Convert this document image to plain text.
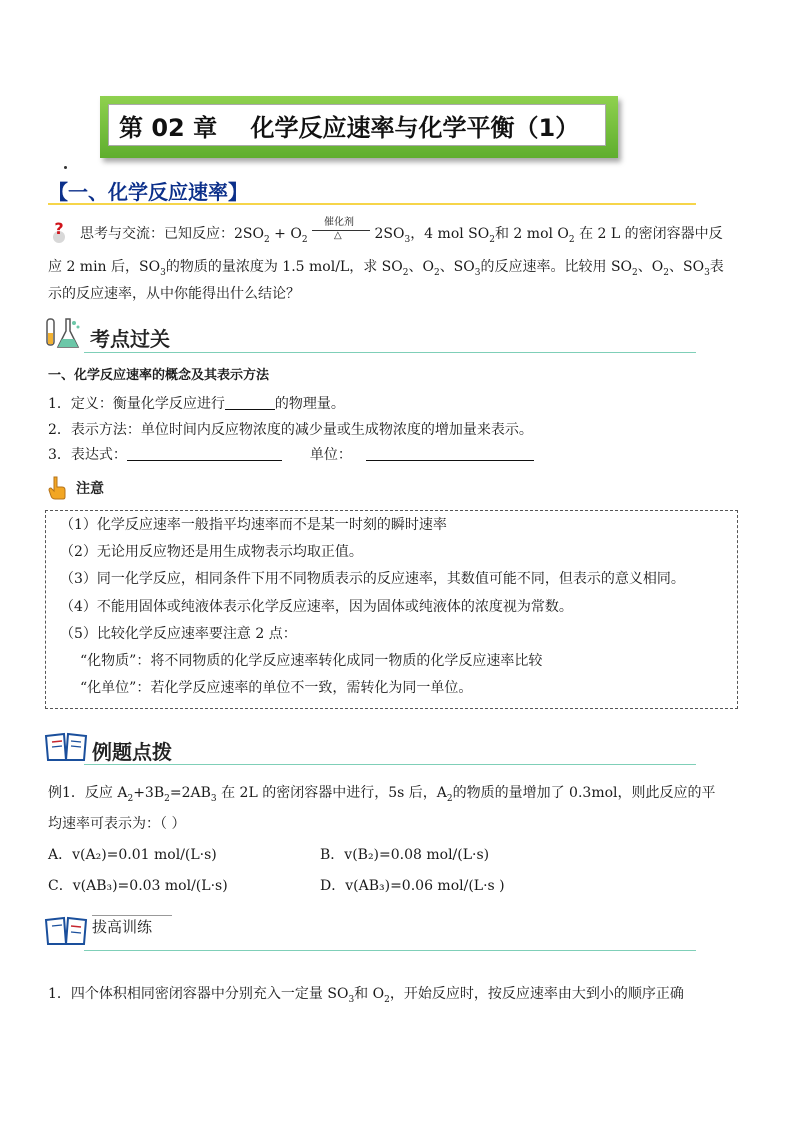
第 02 章    化学反应速率与化学平衡（1）
【一、化学反应速率】
? 思考与交流：已知反应：$2SO_2 + O_2$
催化剂
△ $2SO_3$，4 mol $SO_2$和 2 mol $O_2$ 在 2 L 的密闭容器中反
应 2 min 后，$SO_3$的物质的量浓度为 1.5 mol/L，求 $SO_2$、$O_2$、$SO_3$的反应速率。比较用 $SO_2$、$O_2$、$SO_3$表
示的反应速率，从中你能得出什么结论？
考点过关
一、化学反应速率的概念及其表示方法
1．定义：衡量化学反应进行	的物理量。
2．表示方法：单位时间内反应物浓度的减少量或生成物浓度的增加量来表示。
3．表达式：	单位：
注意
（1）化学反应速率一般指平均速率而不是某一时刻的瞬时速率
（2）无论用反应物还是用生成物表示均取正值。
（3）同一化学反应，相同条件下用不同物质表示的反应速率，其数值可能不同，但表示的意义相同。
（4）不能用固体或纯液体表示化学反应速率，因为固体或纯液体的浓度视为常数。
（5）比较化学反应速率要注意 2 点：
“化物质”：将不同物质的化学反应速率转化成同一物质的化学反应速率比较
“化单位”：若化学反应速率的单位不一致，需转化为同一单位。
例题点拨
例1．反应 $A_2+3B_2=2AB_3$ 在 2L 的密闭容器中进行，5s 后，$A_2$的物质的量增加了 0.3mol，则此反应的平
均速率可表示为：（ ）
A．v(A₂)=0.01 mol/(L·s)	B．v(B₂)=0.08 mol/(L·s)
C．v(AB₃)=0.03 mol/(L·s)	D．v(AB₃)=0.06 mol/(L·s )
拔高训练
1．四个体积相同密闭容器中分别充入一定量 $SO_3$和 $O_2$，开始反应时，按反应速率由大到小的顺序正确
